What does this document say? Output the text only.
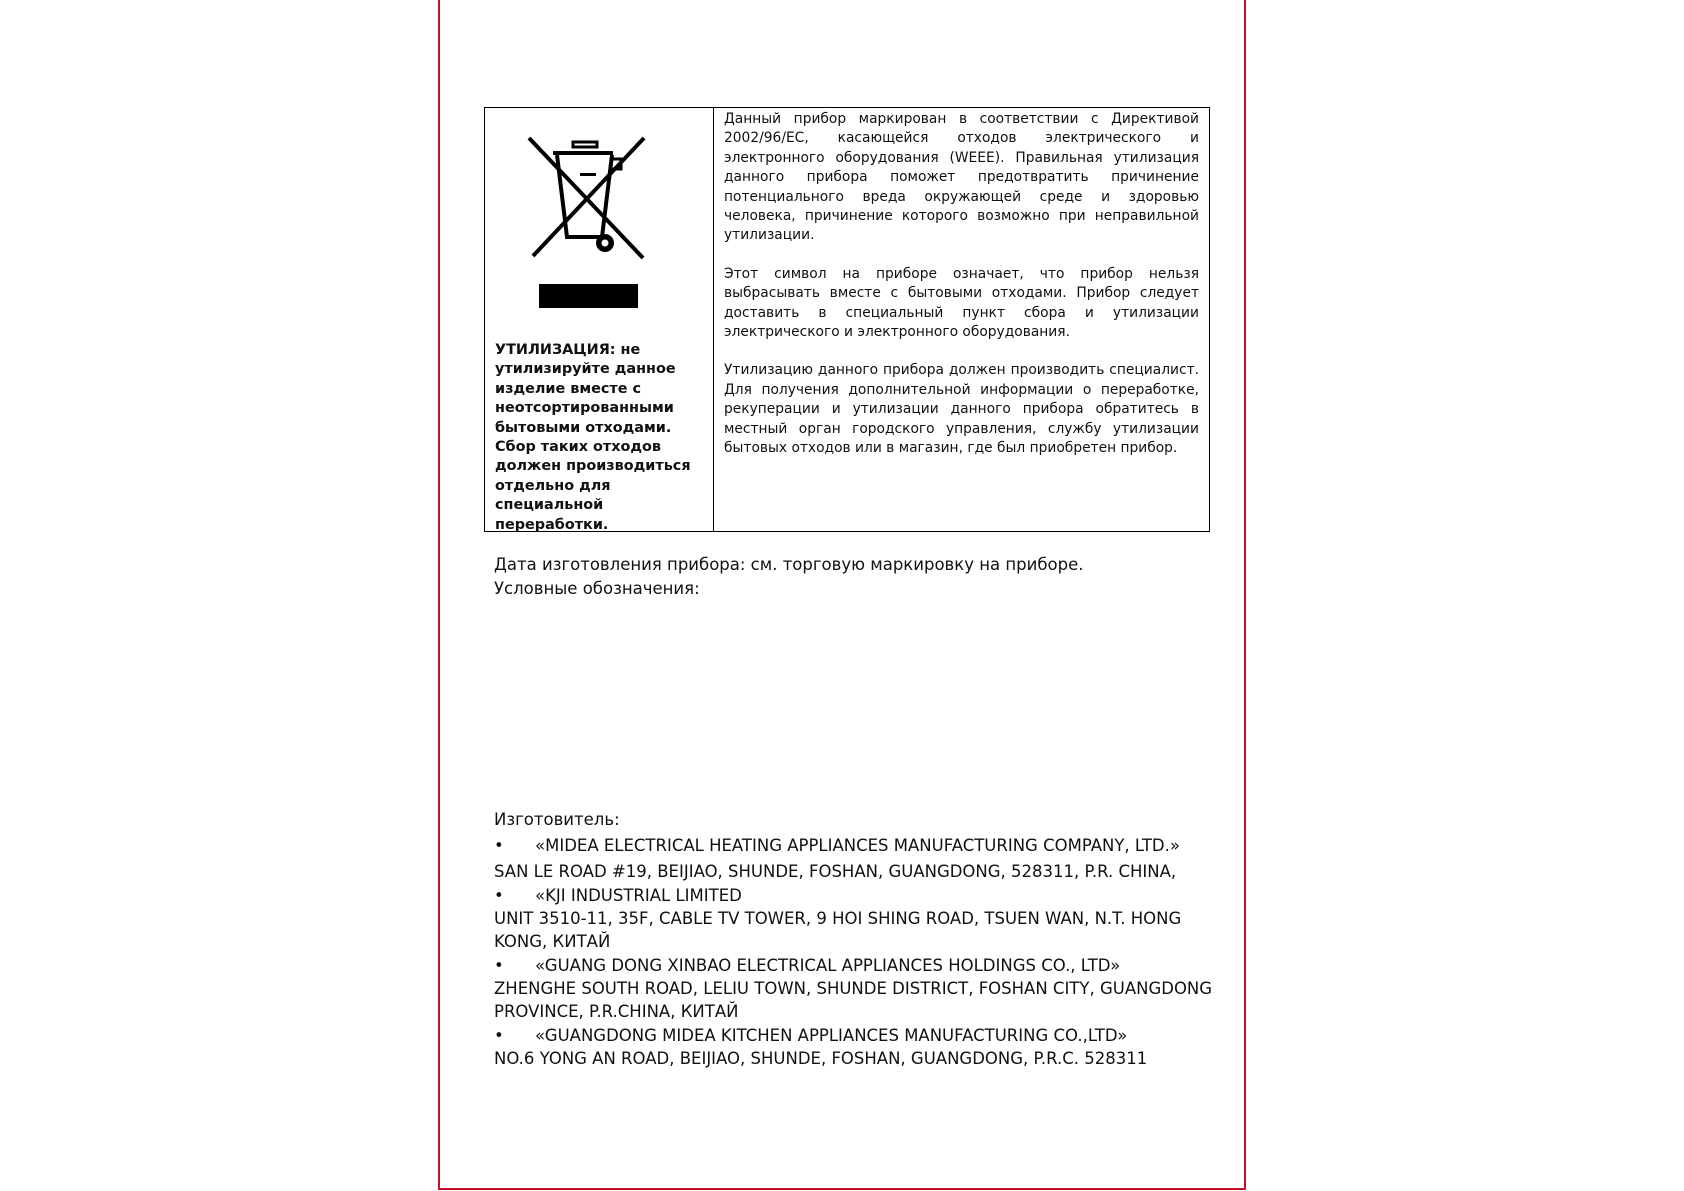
УТИЛИЗАЦИЯ: не утилизируйте данное изделие вместе с неотсортированными бытовыми отходами. Сбор таких отходов должен производиться отдельно для специальной переработки.

Данный прибор маркирован в соответствии с Директивой 2002/96/EC, касающейся отходов электрического и электронного оборудования (WEEE). Правильная утилизация данного прибора поможет предотвратить причинение потенциального вреда окружающей среде и здоровью человека, причинение которого возможно при неправильной утилизации.

Этот символ на приборе означает, что прибор нельзя выбрасывать вместе с бытовыми отходами. Прибор следует доставить в специальный пункт сбора и утилизации электрического и электронного оборудования.

Утилизацию данного прибора должен производить специалист. Для получения дополнительной информации о переработке, рекуперации и утилизации данного прибора обратитесь в местный орган городского управления, службу утилизации бытовых отходов или в магазин, где был приобретен прибор.

Дата изготовления прибора: см. торговую маркировку на приборе.

Условные обозначения:

Изготовитель:

•	«MIDEA ELECTRICAL HEATING APPLIANCES MANUFACTURING COMPANY, LTD.»

SAN LE ROAD #19, BEIJIAO, SHUNDE, FOSHAN, GUANGDONG, 528311, P.R. CHINA,

•	«KJI INDUSTRIAL LIMITED

UNIT 3510-11, 35F, CABLE TV TOWER, 9 HOI SHING ROAD, TSUEN WAN, N.T. HONG KONG, КИТАЙ

•	«GUANG DONG XINBAO ELECTRICAL APPLIANCES HOLDINGS CO., LTD»

ZHENGHE SOUTH ROAD, LELIU TOWN, SHUNDE DISTRICT, FOSHAN CITY, GUANGDONG PROVINCE, P.R.CHINA, КИТАЙ

•	«GUANGDONG MIDEA KITCHEN APPLIANCES MANUFACTURING CO.,LTD»

NO.6 YONG AN ROAD, BEIJIAO, SHUNDE, FOSHAN, GUANGDONG, P.R.C. 528311
